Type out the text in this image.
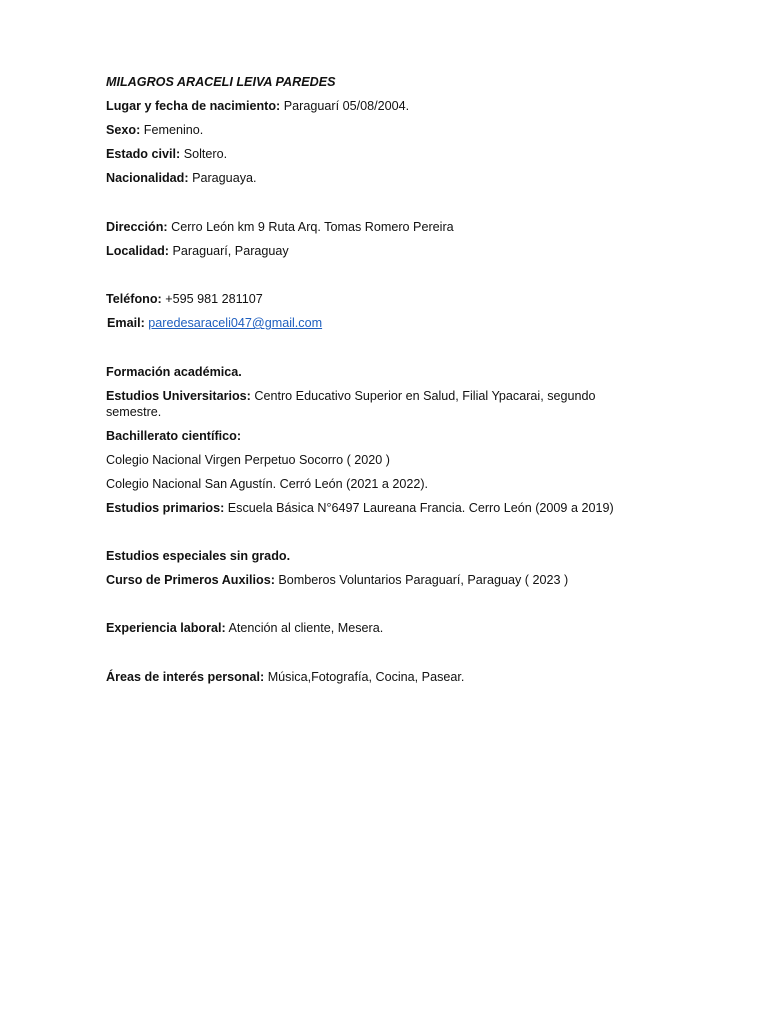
MILAGROS ARACELI LEIVA PAREDES
Lugar y fecha de nacimiento: Paraguarí 05/08/2004.
Sexo: Femenino.
Estado civil: Soltero.
Nacionalidad: Paraguaya.
Dirección: Cerro León km 9 Ruta Arq. Tomas Romero Pereira
Localidad: Paraguarí, Paraguay
Teléfono: +595 981 281107
Email: paredesaraceli047@gmail.com
Formación académica.
Estudios Universitarios: Centro Educativo Superior en Salud, Filial Ypacarai, segundo semestre.
Bachillerato científico:
Colegio Nacional Virgen Perpetuo Socorro ( 2020 )
Colegio Nacional San Agustín. Cerró León (2021 a 2022).
Estudios primarios: Escuela Básica N°6497 Laureana Francia. Cerro León (2009 a 2019)
Estudios especiales sin grado.
Curso de Primeros Auxilios: Bomberos Voluntarios Paraguarí, Paraguay ( 2023 )
Experiencia laboral: Atención al cliente, Mesera.
Áreas de interés personal: Música,Fotografía, Cocina, Pasear.
